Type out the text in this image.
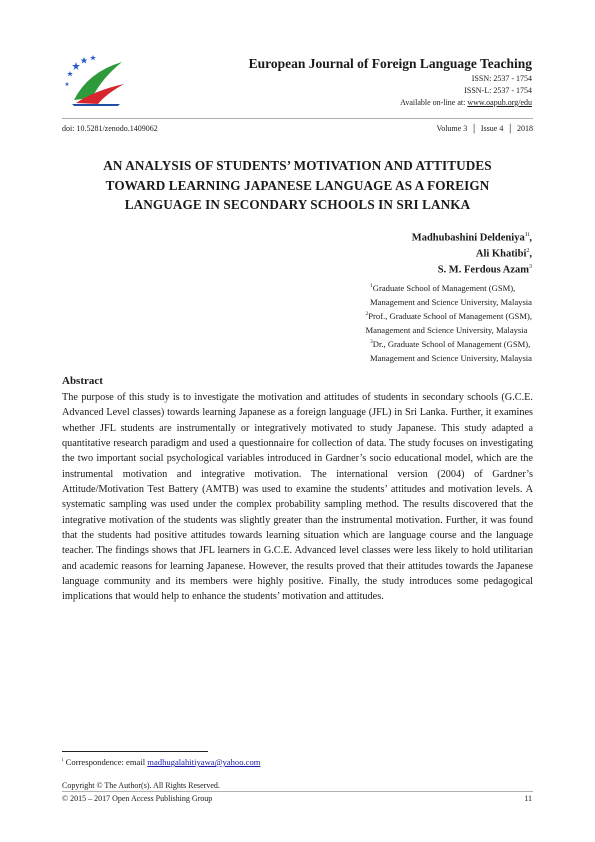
European Journal of Foreign Language Teaching
ISSN: 2537 - 1754
ISSN-L: 2537 - 1754
Available on-line at: www.oapub.org/edu
doi: 10.5281/zenodo.1409062	Volume 3 │ Issue 4 │ 2018
AN ANALYSIS OF STUDENTS’ MOTIVATION AND ATTITUDES
TOWARD LEARNING JAPANESE LANGUAGE AS A FOREIGN
LANGUAGE IN SECONDARY SCHOOLS IN SRI LANKA
Madhubashini Deldeniya$^{1i}$,
Ali Khatibi$^2$,
S. M. Ferdous Azam$^3$
$^1$Graduate School of Management (GSM),
Management and Science University, Malaysia
$^2$Prof., Graduate School of Management (GSM),
Management and Science University, Malaysia
$^3$Dr., Graduate School of Management (GSM),
Management and Science University, Malaysia
Abstract

The purpose of this study is to investigate the motivation and attitudes of students in secondary schools (G.C.E. Advanced Level classes) towards learning Japanese as a foreign language (JFL) in Sri Lanka. Further, it examines whether JFL students are instrumentally or integratively motivated to study Japanese. This study adapted a quantitative research paradigm and used a questionnaire for collection of data. The study focuses on investigating the two important social psychological variables introduced in Gardner’s socio educational model, which are the instrumental motivation and integrative motivation. The international version (2004) of Gardner’s Attitude/Motivation Test Battery (AMTB) was used to examine the students’ attitudes and motivation levels. A systematic sampling was used under the complex probability sampling method. The results discovered that the integrative motivation of the students was slightly greater than the instrumental motivation. Further, it was found that the students had positive attitudes towards learning situation which are language course and the language teacher. The findings shows that JFL learners in G.C.E. Advanced level classes were less likely to hold utilitarian and academic reasons for learning Japanese. However, the results proved that their attitudes towards the Japanese language community and its members were highly positive. Finally, the study introduces some pedagogical implications that would help to enhance the students’ motivation and attitudes.

$^i$ Correspondence: email madhugalahitiyawa@yahoo.com
Copyright © The Author(s). All Rights Reserved.
© 2015 – 2017 Open Access Publishing Group	11
